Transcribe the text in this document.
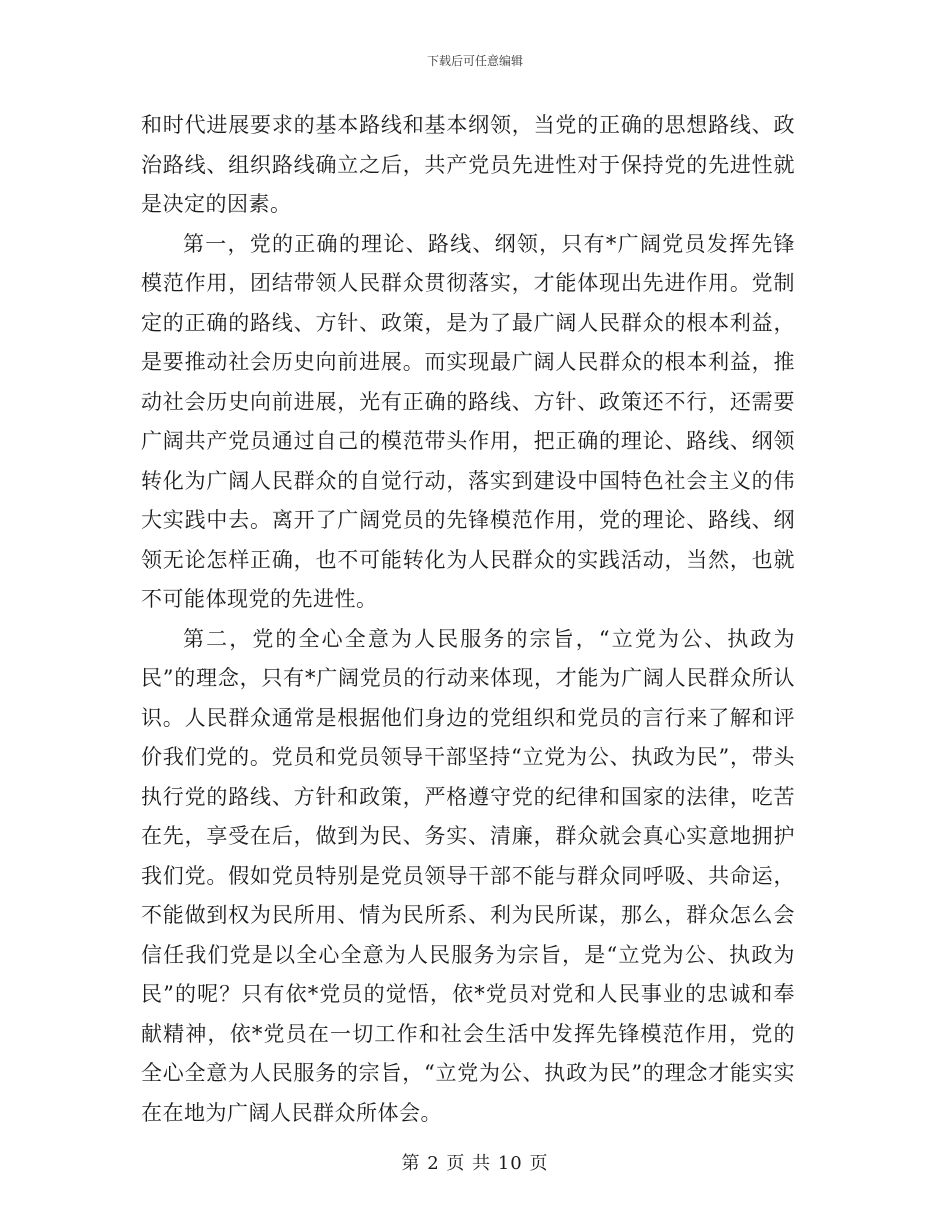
下载后可任意编辑

和时代进展要求的基本路线和基本纲领，当党的正确的思想路线、政治路线、组织路线确立之后，共产党员先进性对于保持党的先进性就是决定的因素。

第一，党的正确的理论、路线、纲领，只有*广阔党员发挥先锋模范作用，团结带领人民群众贯彻落实，才能体现出先进作用。党制定的正确的路线、方针、政策，是为了最广阔人民群众的根本利益，是要推动社会历史向前进展。而实现最广阔人民群众的根本利益，推动社会历史向前进展，光有正确的路线、方针、政策还不行，还需要广阔共产党员通过自己的模范带头作用，把正确的理论、路线、纲领转化为广阔人民群众的自觉行动，落实到建设中国特色社会主义的伟大实践中去。离开了广阔党员的先锋模范作用，党的理论、路线、纲领无论怎样正确，也不可能转化为人民群众的实践活动，当然，也就不可能体现党的先进性。

第二，党的全心全意为人民服务的宗旨，“立党为公、执政为民”的理念，只有*广阔党员的行动来体现，才能为广阔人民群众所认识。人民群众通常是根据他们身边的党组织和党员的言行来了解和评价我们党的。党员和党员领导干部坚持“立党为公、执政为民”，带头执行党的路线、方针和政策，严格遵守党的纪律和国家的法律，吃苦在先，享受在后，做到为民、务实、清廉，群众就会真心实意地拥护我们党。假如党员特别是党员领导干部不能与群众同呼吸、共命运，不能做到权为民所用、情为民所系、利为民所谋，那么，群众怎么会信任我们党是以全心全意为人民服务为宗旨，是“立党为公、执政为民”的呢？只有依*党员的觉悟，依*党员对党和人民事业的忠诚和奉献精神，依*党员在一切工作和社会生活中发挥先锋模范作用，党的全心全意为人民服务的宗旨，“立党为公、执政为民”的理念才能实实在在地为广阔人民群众所体会。

第 2 页 共 10 页
